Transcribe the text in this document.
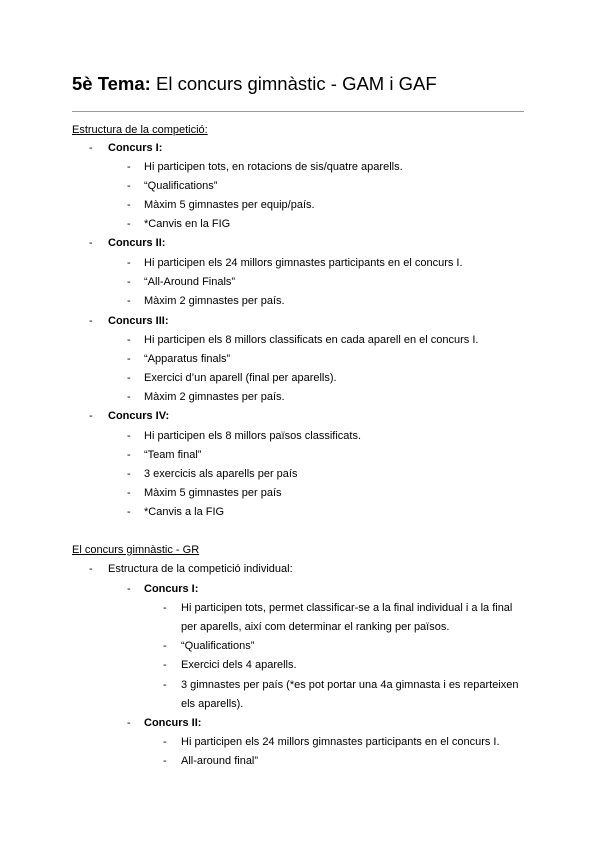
5è Tema: El concurs gimnàstic - GAM i GAF
Estructura de la competició:
- Concurs I:
- Hi participen tots, en rotacions de sis/quatre aparells.
- “Qualifications”
- Màxim 5 gimnastes per equip/país.
- *Canvis en la FIG
- Concurs II:
- Hi participen els 24 millors gimnastes participants en el concurs I.
- “All-Around Finals”
- Màxim 2 gimnastes per país.
- Concurs III:
- Hi participen els 8 millors classificats en cada aparell en el concurs I.
- “Apparatus finals”
- Exercici d’un aparell (final per aparells).
- Màxim 2 gimnastes per país.
- Concurs IV:
- Hi participen els 8 millors països classificats.
- “Team final”
- 3 exercicis als aparells per país
- Màxim 5 gimnastes per país
- *Canvis a la FIG
El concurs gimnàstic - GR
- Estructura de la competició individual:
- Concurs I:
- Hi participen tots, permet classificar-se a la final individual i a la final
per aparells, així com determinar el ranking per països.
- “Qualifications”
- Exercici dels 4 aparells.
- 3 gimnastes per país (*es pot portar una 4a gimnasta i es reparteixen
els aparells).
- Concurs II:
- Hi participen els 24 millors gimnastes participants en el concurs I.
- All-around final”
